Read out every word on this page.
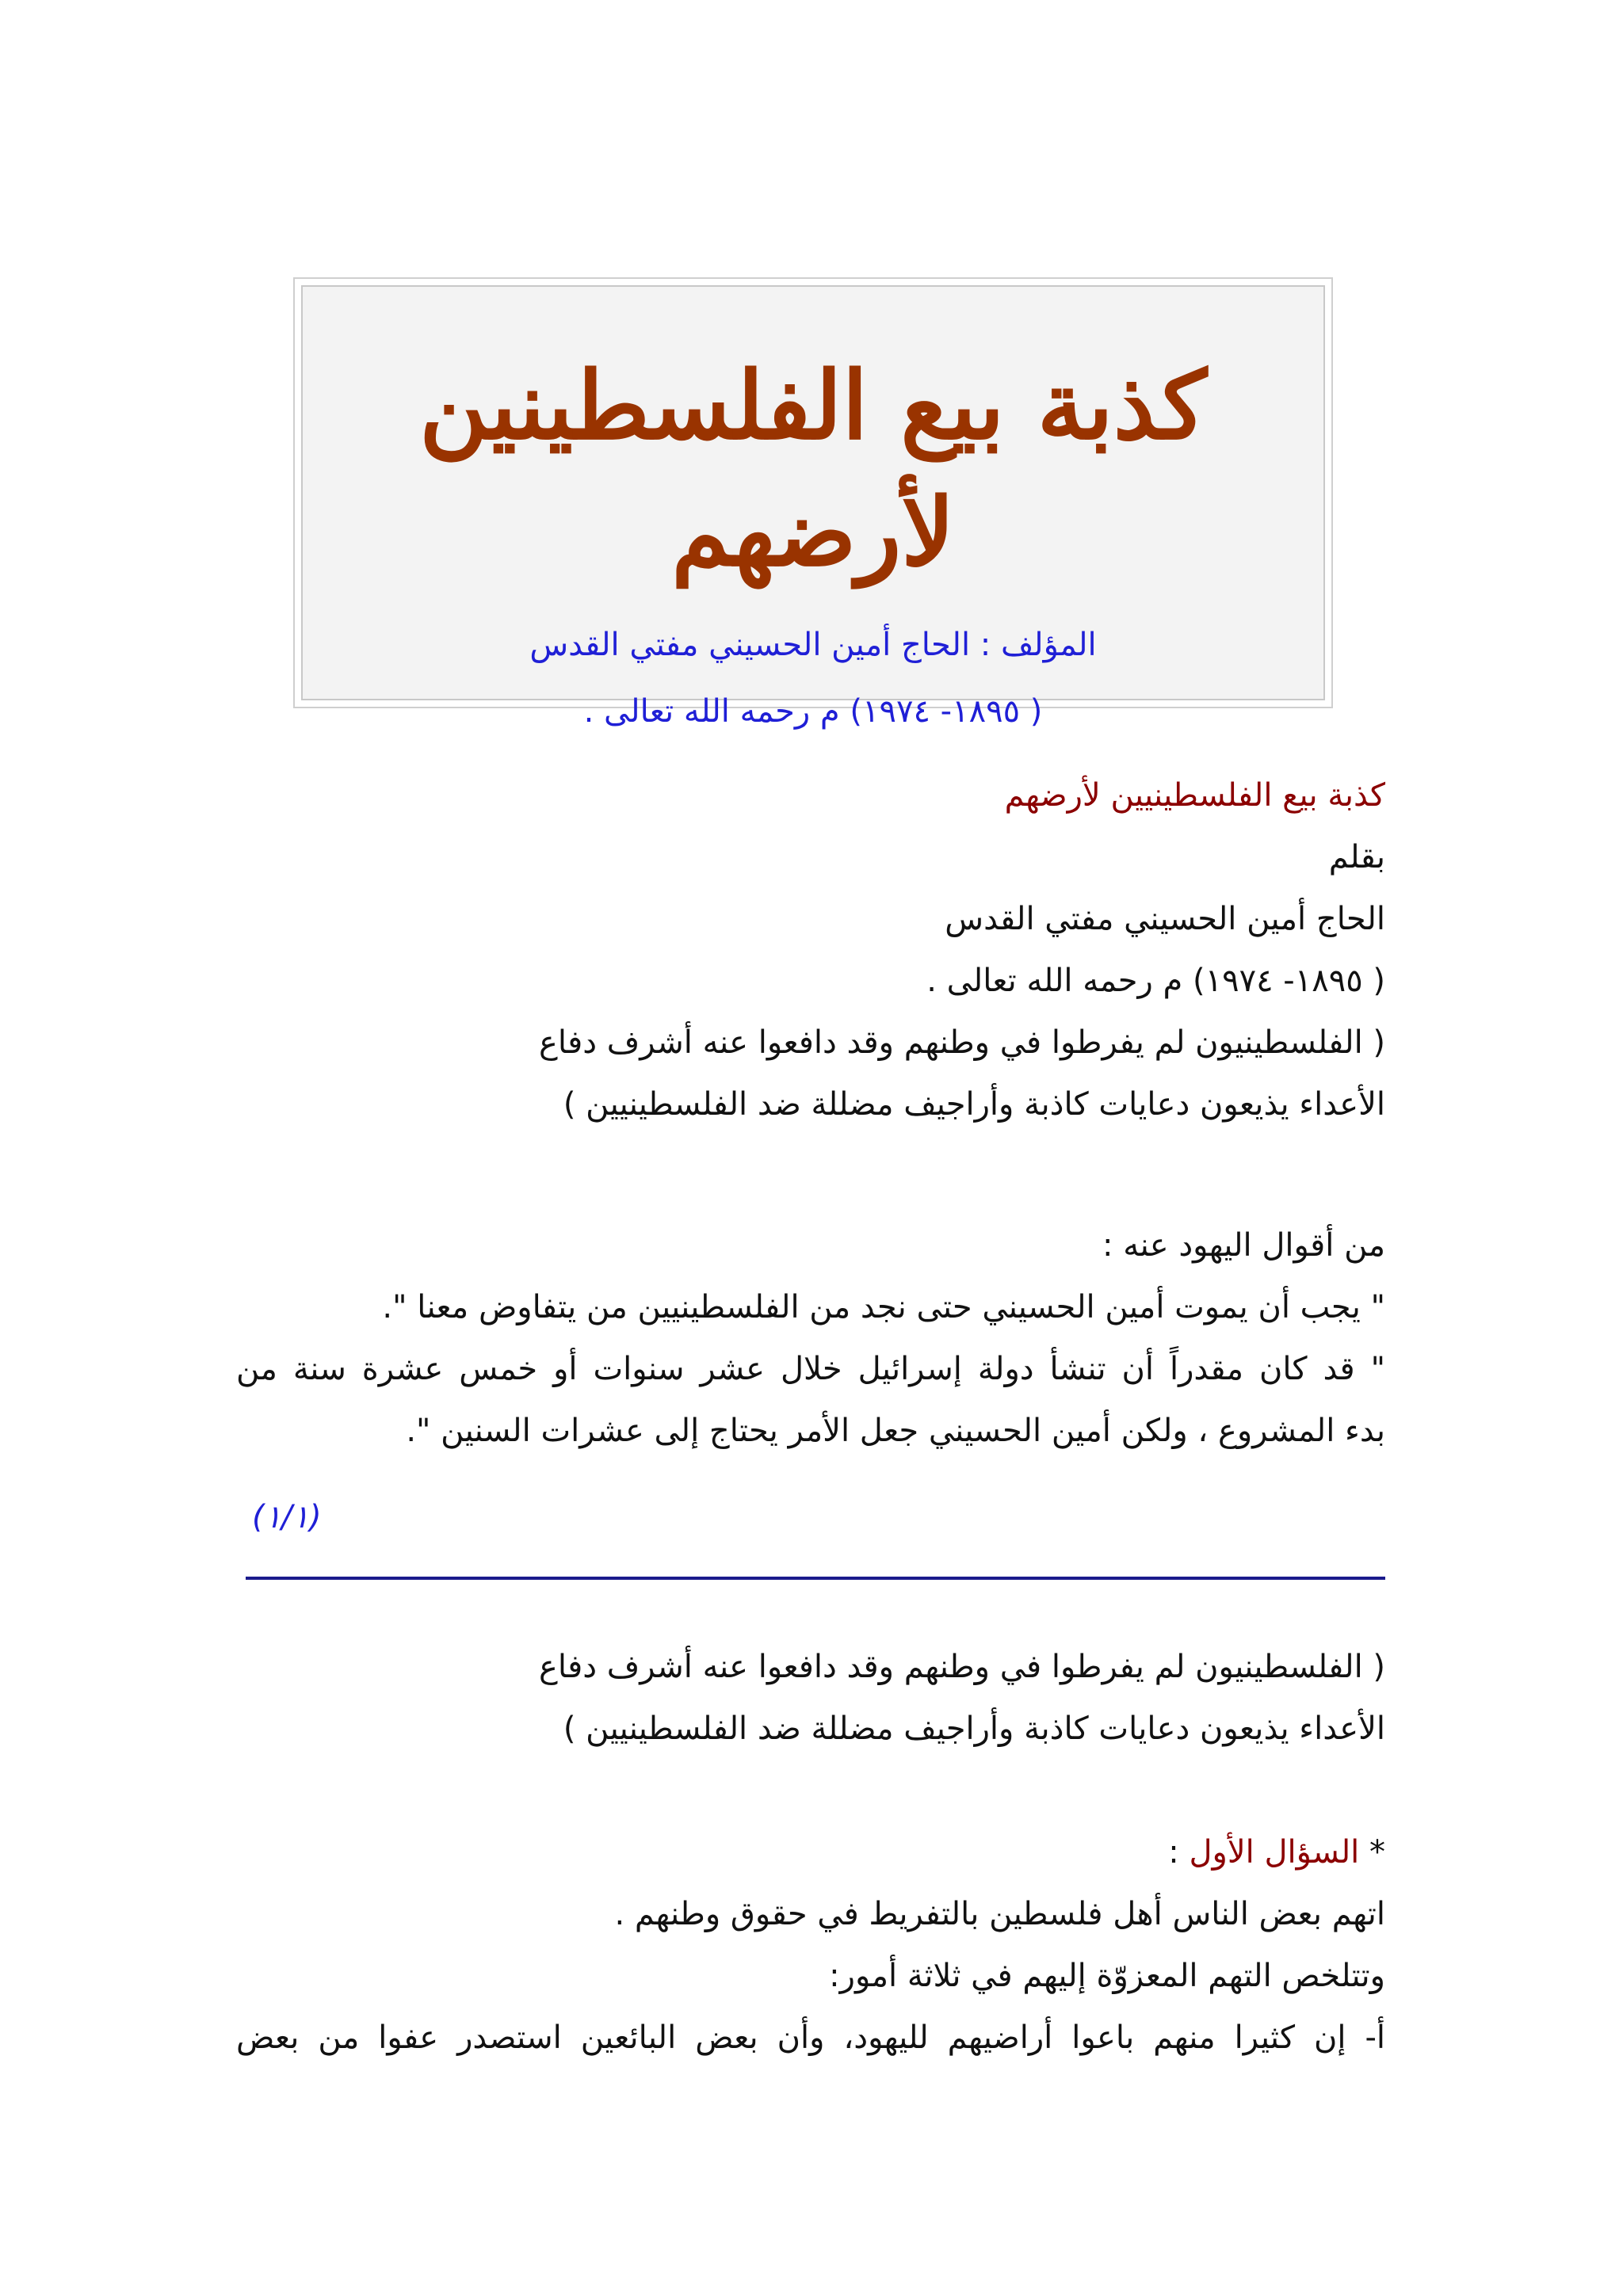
كذبة بيع الفلسطينين
لأرضهم
المؤلف : الحاج أمين الحسيني مفتي القدس
( ١٨٩٥- ١٩٧٤) م رحمه الله تعالى .
كذبة بيع الفلسطينيين لأرضهم
بقلم
الحاج أمين الحسيني مفتي القدس
( ١٨٩٥- ١٩٧٤) م رحمه الله تعالى .
( الفلسطينيون لم يفرطوا في وطنهم وقد دافعوا عنه أشرف دفاع
الأعداء يذيعون دعايات كاذبة وأراجيف مضللة ضد الفلسطينيين )
من أقوال اليهود عنه :
" يجب أن يموت أمين الحسيني حتى نجد من الفلسطينيين من يتفاوض معنا ".
" قد كان مقدراً أن تنشأ دولة إسرائيل خلال عشر سنوات أو خمس عشرة سنة من
بدء المشروع ، ولكن أمين الحسيني جعل الأمر يحتاج إلى عشرات السنين ".
(١/١)
( الفلسطينيون لم يفرطوا في وطنهم وقد دافعوا عنه أشرف دفاع
الأعداء يذيعون دعايات كاذبة وأراجيف مضللة ضد الفلسطينيين )
* السؤال الأول :
اتهم بعض الناس أهل فلسطين بالتفريط في حقوق وطنهم .
وتتلخص التهم المعزوّة إليهم في ثلاثة أمور:
أ- إن كثيرا منهم باعوا أراضيهم لليهود، وأن بعض البائعين استصدر عفوا من بعض
